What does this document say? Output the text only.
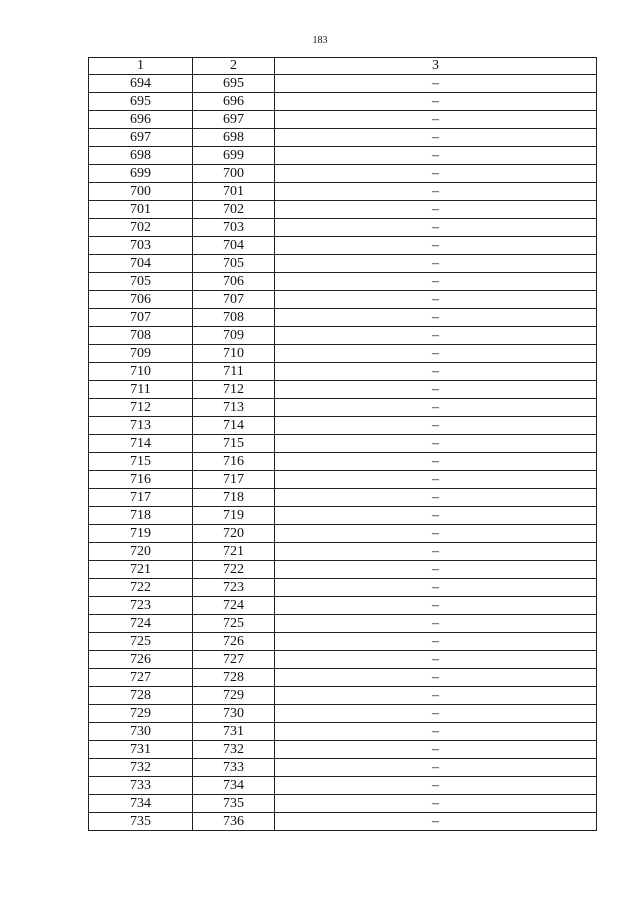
183
1	2	3
694	695	–
695	696	–
696	697	–
697	698	–
698	699	–
699	700	–
700	701	–
701	702	–
702	703	–
703	704	–
704	705	–
705	706	–
706	707	–
707	708	–
708	709	–
709	710	–
710	711	–
711	712	–
712	713	–
713	714	–
714	715	–
715	716	–
716	717	–
717	718	–
718	719	–
719	720	–
720	721	–
721	722	–
722	723	–
723	724	–
724	725	–
725	726	–
726	727	–
727	728	–
728	729	–
729	730	–
730	731	–
731	732	–
732	733	–
733	734	–
734	735	–
735	736	–
